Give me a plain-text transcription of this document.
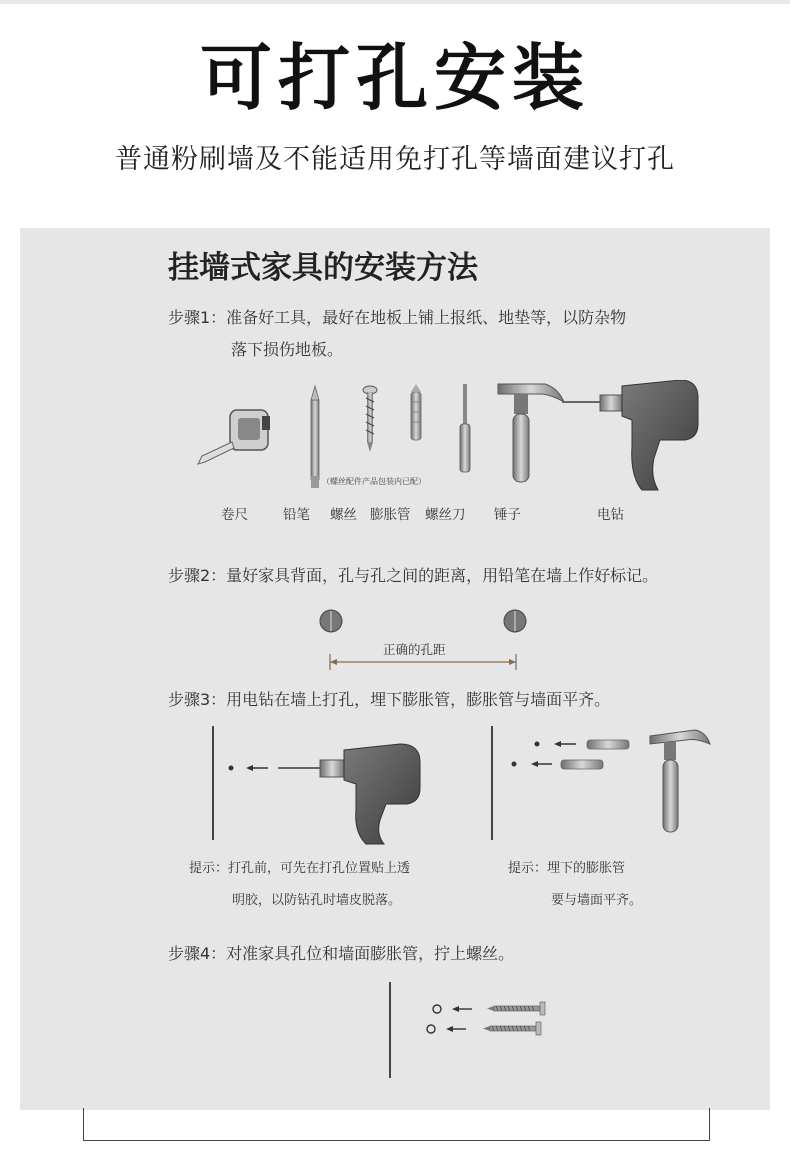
可打孔安装
普通粉刷墙及不能适用免打孔等墙面建议打孔
挂墙式家具的安装方法
步骤1：准备好工具，最好在地板上铺上报纸、地垫等，以防杂物
落下损伤地板。
（螺丝配件产品包装内已配）
卷尺	铅笔 螺丝 膨胀管 螺丝刀 锤子	电钻
步骤2：量好家具背面，孔与孔之间的距离，用铅笔在墙上作好标记。
正确的孔距
步骤3：用电钻在墙上打孔，埋下膨胀管，膨胀管与墙面平齐。
提示：打孔前，可先在打孔位置贴上透
明胶，以防钻孔时墙皮脱落。
提示：埋下的膨胀管
要与墙面平齐。
步骤4：对准家具孔位和墙面膨胀管，拧上螺丝。
